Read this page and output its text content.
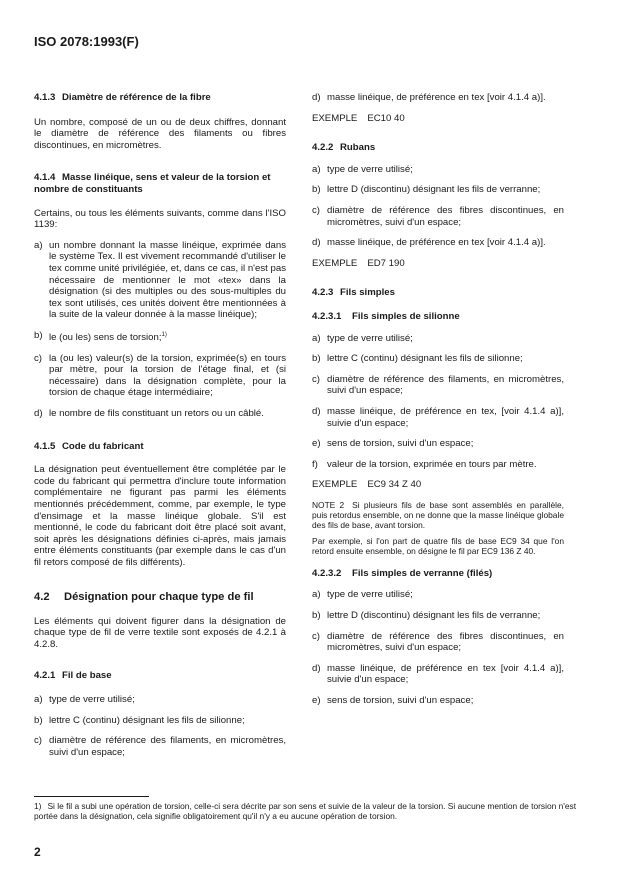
ISO 2078:1993(F)
4.1.3 Diamètre de référence de la fibre

Un nombre, composé de un ou de deux chiffres, donnant le diamètre de référence des filaments ou fibres discontinues, en micromètres.

4.1.4 Masse linéique, sens et valeur de la torsion et nombre de constituants

Certains, ou tous les éléments suivants, comme dans l'ISO 1139:

a) un nombre donnant la masse linéique, exprimée dans le système Tex. Il est vivement recommandé d'utiliser le tex comme unité privilégiée, et, dans ce cas, il n'est pas nécessaire de mentionner le mot «tex» dans la désignation (si des multiples ou des sous-multiples du tex sont utilisés, ces unités doivent être mentionnées à la suite de la valeur donnée à la masse linéique);
b) le (ou les) sens de torsion;$^{1)}$
c) la (ou les) valeur(s) de la torsion, exprimée(s) en tours par mètre, pour la torsion de l'étage final, et (si nécessaire) dans la désignation complète, pour la torsion de chaque étage intermédiaire;
d) le nombre de fils constituant un retors ou un câblé.
4.1.5 Code du fabricant

La désignation peut éventuellement être complétée par le code du fabricant qui permettra d'inclure toute information complémentaire ne figurant pas parmi les éléments mentionnés précédemment, comme, par exemple, le type d'ensimage et la masse linéique globale. S'il est mentionné, le code du fabricant doit être placé soit avant, soit après les désignations définies ci-après, mais jamais entre éléments constituants (par exemple dans le cas d'un fil retors composé de fils différents).

4.2 Désignation pour chaque type de fil

Les éléments qui doivent figurer dans la désignation de chaque type de fil de verre textile sont exposés de 4.2.1 à 4.2.8.

4.2.1 Fil de base
a) type de verre utilisé;
b) lettre C (continu) désignant les fils de silionne;
c) diamètre de référence des filaments, en micromètres, suivi d'un espace;
d) masse linéique, de préférence en tex [voir 4.1.4 a)].

EXEMPLE EC10 40

4.2.2 Rubans
a) type de verre utilisé;
b) lettre D (discontinu) désignant les fils de verranne;
c) diamètre de référence des fibres discontinues, en micromètres, suivi d'un espace;
d) masse linéique, de préférence en tex [voir 4.1.4 a)].

EXEMPLE ED7 190

4.2.3 Fils simples
4.2.3.1 Fils simples de silionne
a) type de verre utilisé;
b) lettre C (continu) désignant les fils de silionne;
c) diamètre de référence des filaments, en micromètres, suivi d'un espace;
d) masse linéique, de préférence en tex, [voir 4.1.4 a)], suivie d'un espace;
e) sens de torsion, suivi d'un espace;
f) valeur de la torsion, exprimée en tours par mètre.

EXEMPLE EC9 34 Z 40

NOTE 2 Si plusieurs fils de base sont assemblés en parallèle, puis retordus ensemble, on ne donne que la masse linéique globale des fils de base, avant torsion.

Par exemple, si l'on part de quatre fils de base EC9 34 que l'on retord ensuite ensemble, on désigne le fil par EC9 136 Z 40.

4.2.3.2 Fils simples de verranne (filés)
a) type de verre utilisé;
b) lettre D (discontinu) désignant les fils de verranne;
c) diamètre de référence des fibres discontinues, en micromètres, suivi d'un espace;
d) masse linéique, de préférence en tex [voir 4.1.4 a)], suivie d'un espace;
e) sens de torsion, suivi d'un espace;
1) Si le fil a subi une opération de torsion, celle-ci sera décrite par son sens et suivie de la valeur de la torsion. Si aucune mention de torsion n'est portée dans la désignation, cela signifie obligatoirement qu'il n'y a eu aucune opération de torsion.
2
